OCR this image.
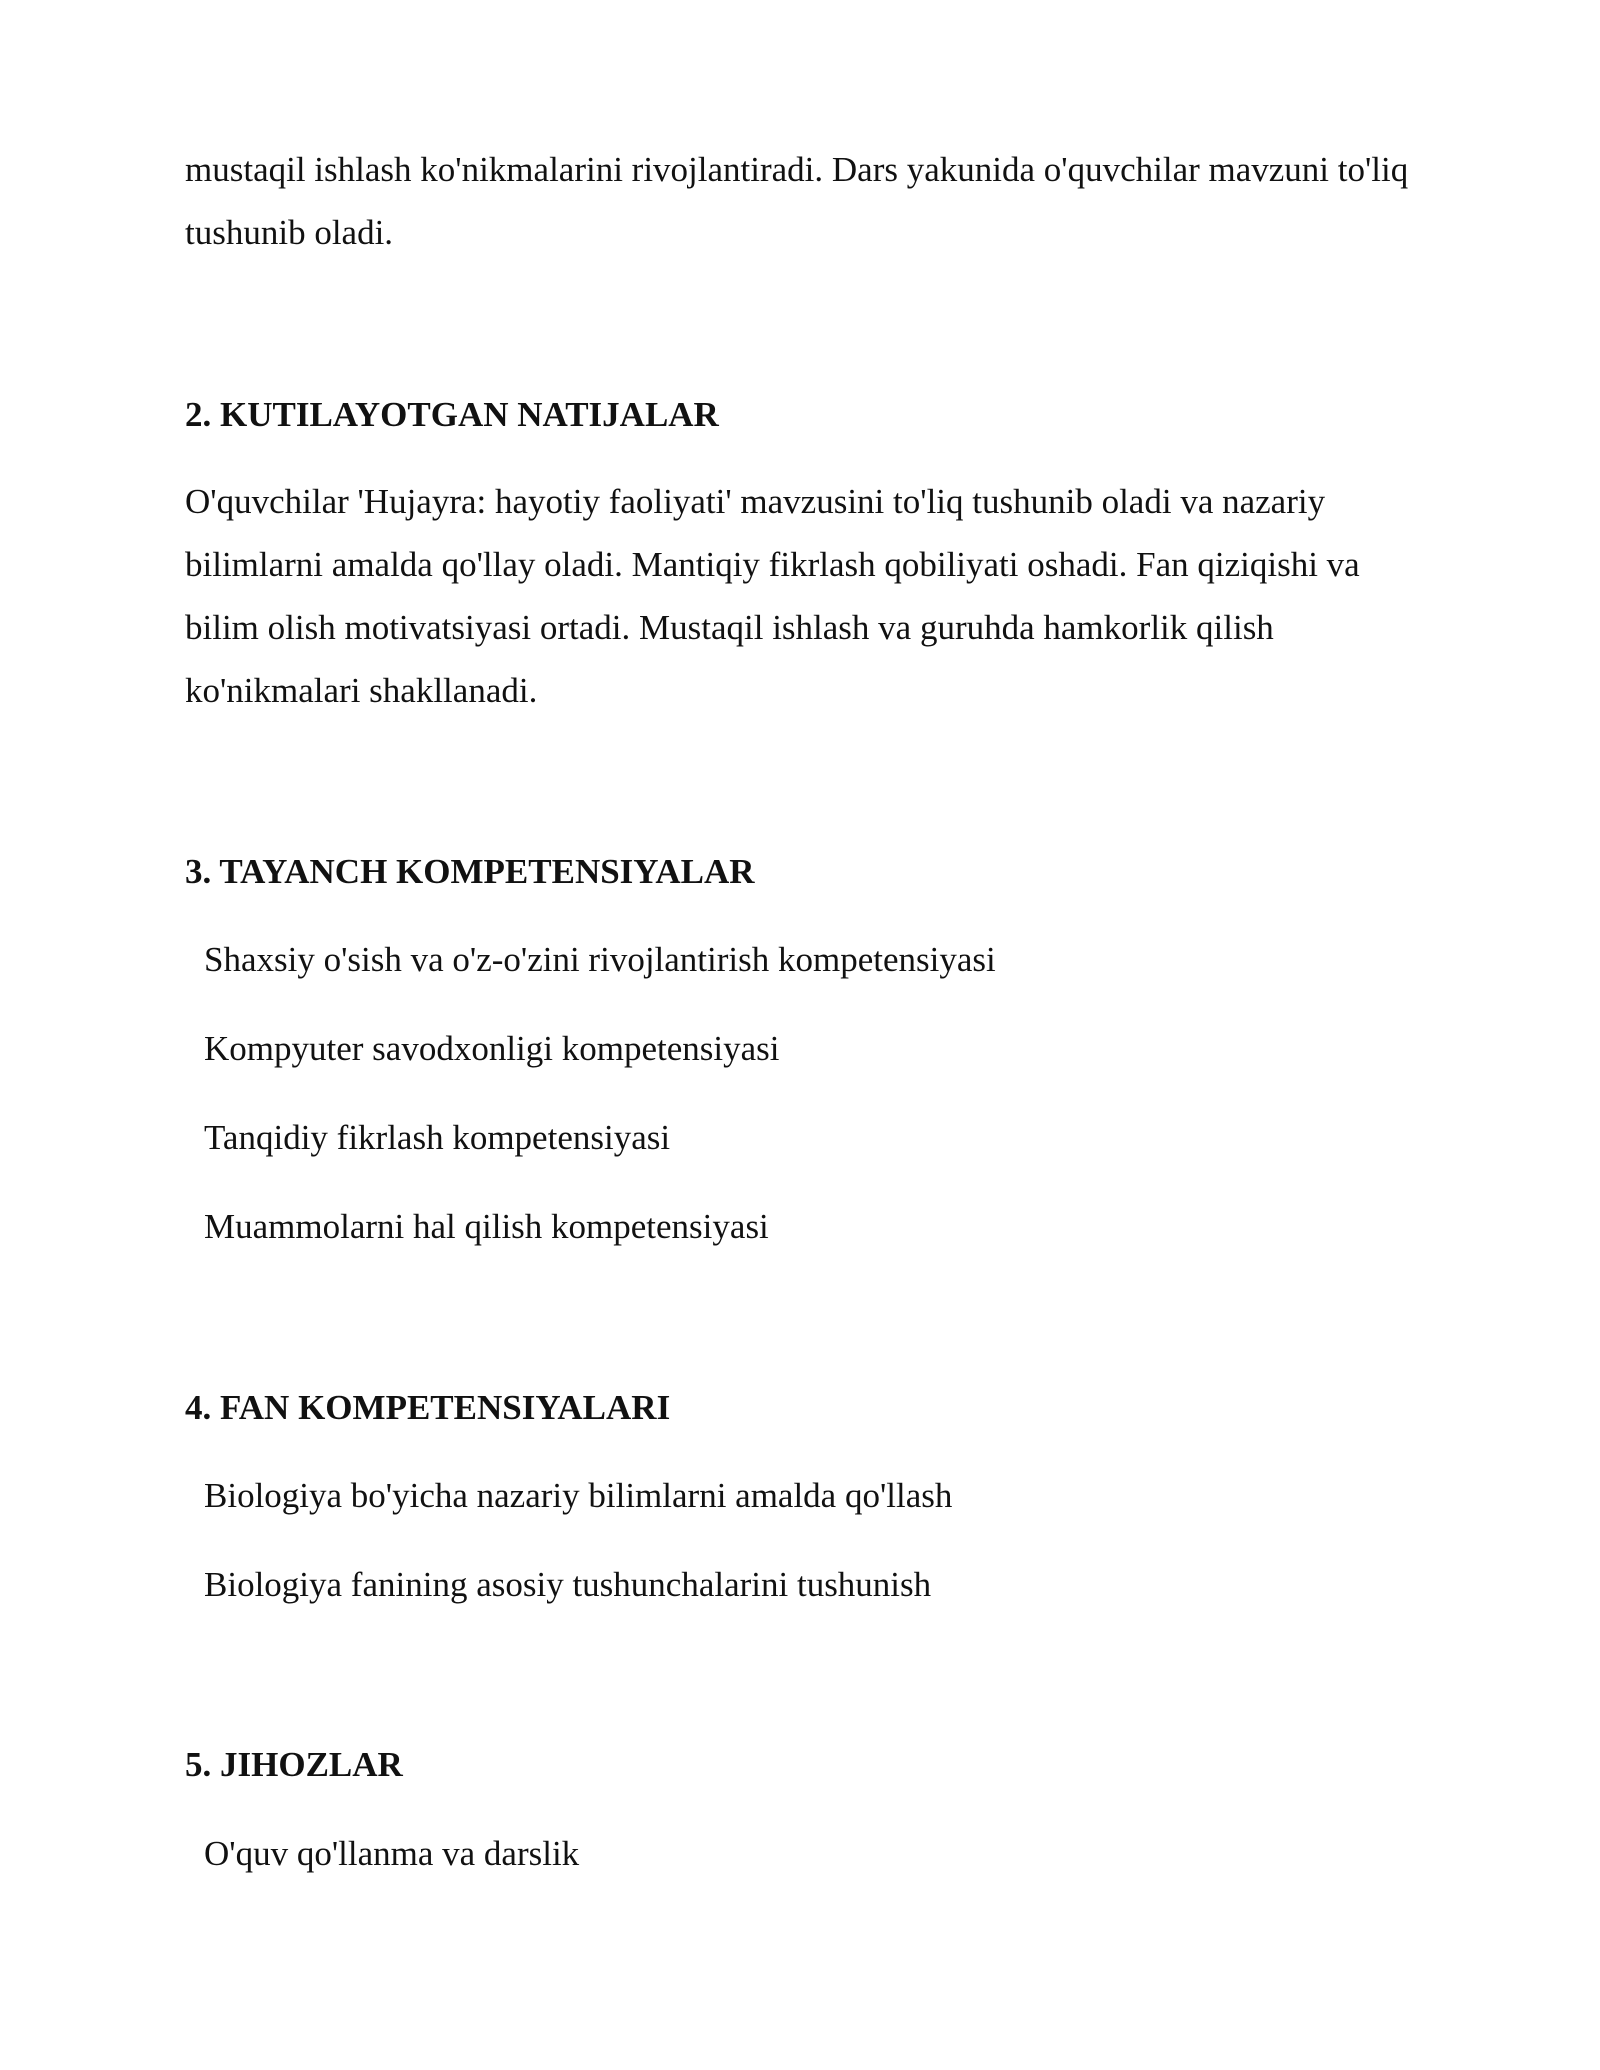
mustaqil ishlash ko'nikmalarini rivojlantiradi. Dars yakunida o'quvchilar mavzuni to'liq tushunib oladi.

2. KUTILAYOTGAN NATIJALAR

O'quvchilar 'Hujayra: hayotiy faoliyati' mavzusini to'liq tushunib oladi va nazariy bilimlarni amalda qo'llay oladi. Mantiqiy fikrlash qobiliyati oshadi. Fan qiziqishi va bilim olish motivatsiyasi ortadi. Mustaqil ishlash va guruhda hamkorlik qilish ko'nikmalari shakllanadi.

3. TAYANCH KOMPETENSIYALAR

Shaxsiy o'sish va o'z-o'zini rivojlantirish kompetensiyasi

Kompyuter savodxonligi kompetensiyasi

Tanqidiy fikrlash kompetensiyasi

Muammolarni hal qilish kompetensiyasi

4. FAN KOMPETENSIYALARI

Biologiya bo'yicha nazariy bilimlarni amalda qo'llash

Biologiya fanining asosiy tushunchalarini tushunish

5. JIHOZLAR

O'quv qo'llanma va darslik
